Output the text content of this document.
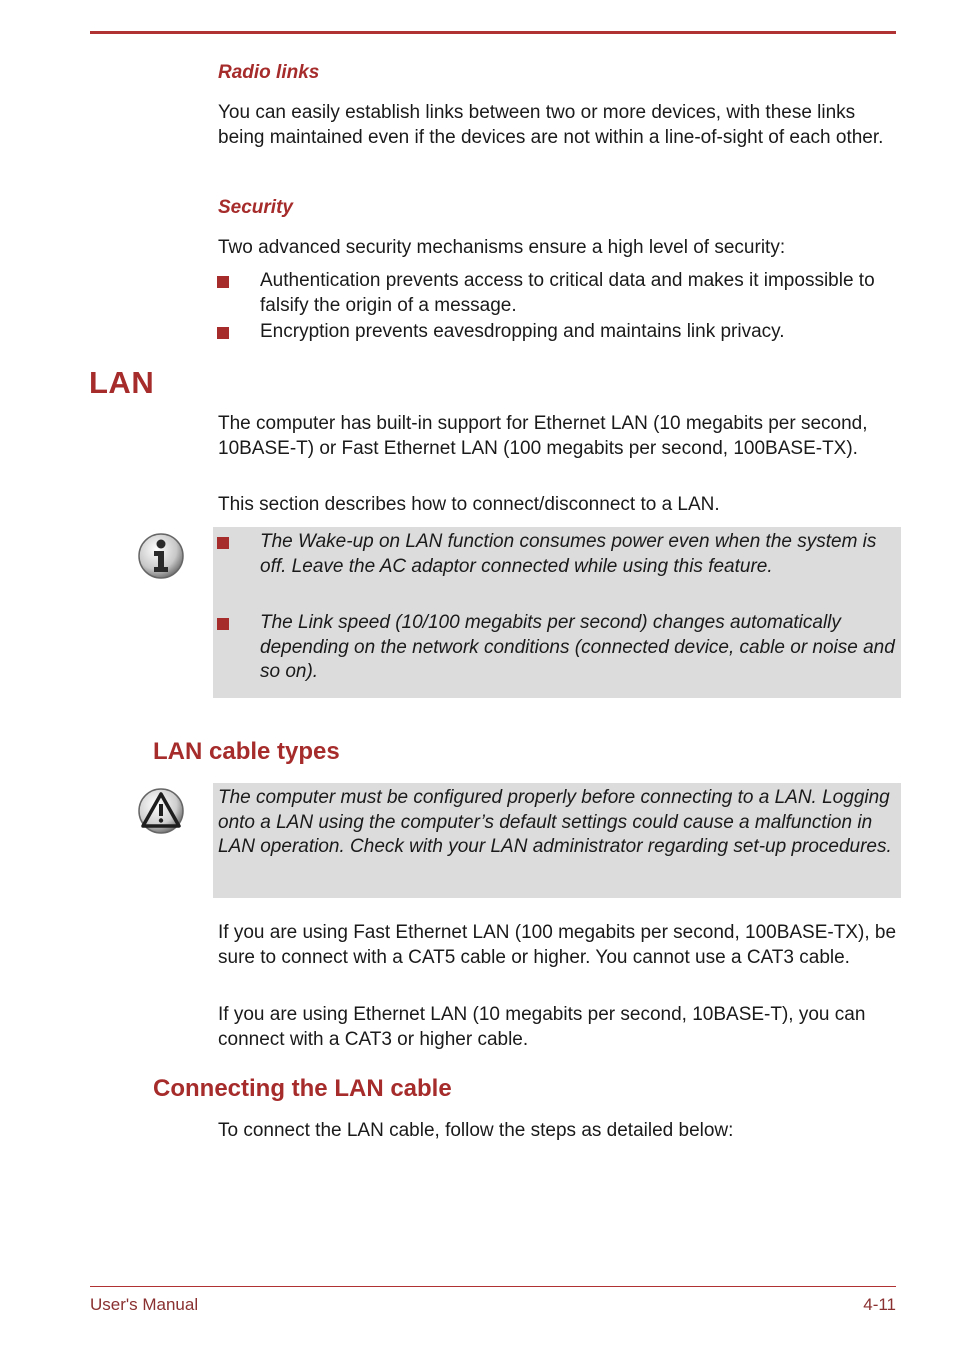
Radio links
You can easily establish links between two or more devices, with these links being maintained even if the devices are not within a line-of-sight of each other.
Security
Two advanced security mechanisms ensure a high level of security:
Authentication prevents access to critical data and makes it impossible to falsify the origin of a message.
Encryption prevents eavesdropping and maintains link privacy.
LAN
The computer has built-in support for Ethernet LAN (10 megabits per second, 10BASE-T) or Fast Ethernet LAN (100 megabits per second, 100BASE-TX).
This section describes how to connect/disconnect to a LAN.
The Wake-up on LAN function consumes power even when the system is off. Leave the AC adaptor connected while using this feature.
The Link speed (10/100 megabits per second) changes automatically depending on the network conditions (connected device, cable or noise and so on).
LAN cable types
The computer must be configured properly before connecting to a LAN. Logging onto a LAN using the computer’s default settings could cause a malfunction in LAN operation. Check with your LAN administrator regarding set-up procedures.
If you are using Fast Ethernet LAN (100 megabits per second, 100BASE-TX), be sure to connect with a CAT5 cable or higher. You cannot use a CAT3 cable.
If you are using Ethernet LAN (10 megabits per second, 10BASE-T), you can connect with a CAT3 or higher cable.
Connecting the LAN cable
To connect the LAN cable, follow the steps as detailed below:
User's Manual	4-11
